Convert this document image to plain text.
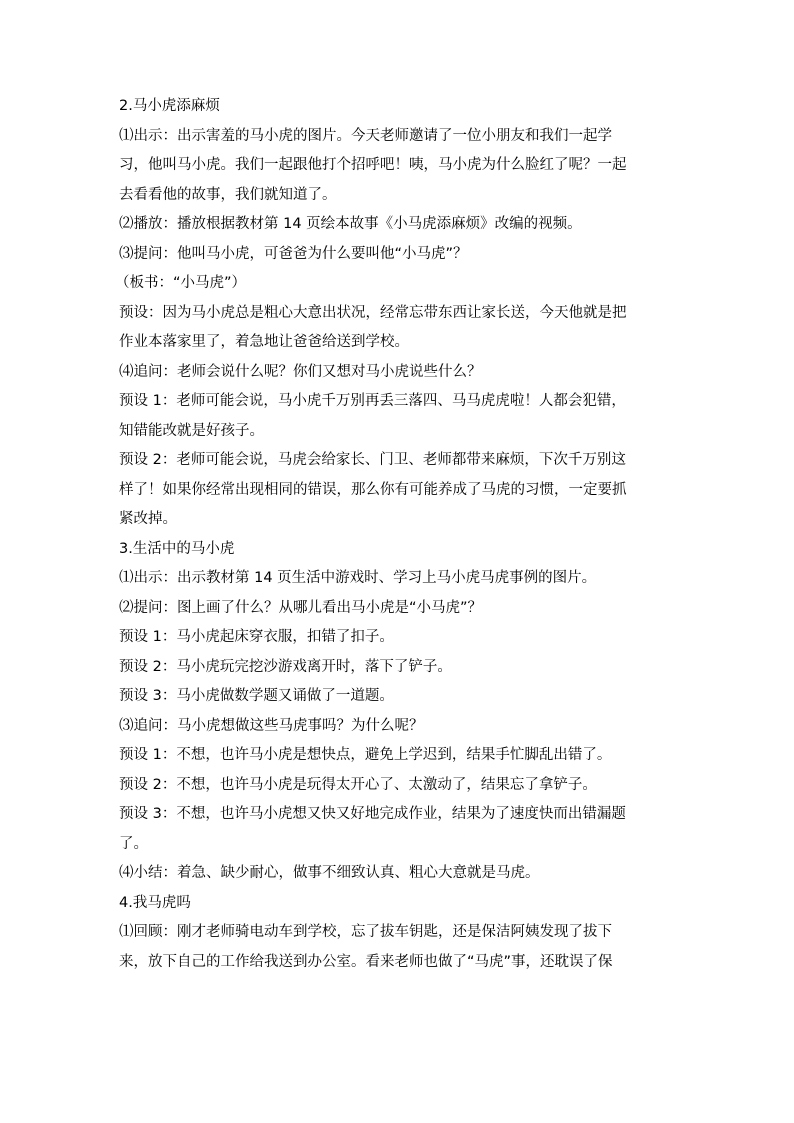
2.马小虎添麻烦
⑴出示：出示害羞的马小虎的图片。今天老师邀请了一位小朋友和我们一起学
习，他叫马小虎。我们一起跟他打个招呼吧！咦，马小虎为什么脸红了呢？一起
去看看他的故事，我们就知道了。
⑵播放：播放根据教材第 14 页绘本故事《小马虎添麻烦》改编的视频。
⑶提问：他叫马小虎，可爸爸为什么要叫他“小马虎”？
（板书：“小马虎”）
预设：因为马小虎总是粗心大意出状况，经常忘带东西让家长送，今天他就是把
作业本落家里了，着急地让爸爸给送到学校。
⑷追问：老师会说什么呢？你们又想对马小虎说些什么？
预设 1：老师可能会说，马小虎千万别再丢三落四、马马虎虎啦！人都会犯错，
知错能改就是好孩子。
预设 2：老师可能会说，马虎会给家长、门卫、老师都带来麻烦，下次千万别这
样了！如果你经常出现相同的错误，那么你有可能养成了马虎的习惯，一定要抓
紧改掉。
3.生活中的马小虎
⑴出示：出示教材第 14 页生活中游戏时、学习上马小虎马虎事例的图片。
⑵提问：图上画了什么？从哪儿看出马小虎是“小马虎”？
预设 1：马小虎起床穿衣服，扣错了扣子。
预设 2：马小虎玩完挖沙游戏离开时，落下了铲子。
预设 3：马小虎做数学题又诵做了一道题。
⑶追问：马小虎想做这些马虎事吗？为什么呢？
预设 1：不想，也许马小虎是想快点，避免上学迟到，结果手忙脚乱出错了。
预设 2：不想，也许马小虎是玩得太开心了、太激动了，结果忘了拿铲子。
预设 3：不想，也许马小虎想又快又好地完成作业，结果为了速度快而出错漏题
了。
⑷小结：着急、缺少耐心，做事不细致认真、粗心大意就是马虎。
4.我马虎吗
⑴回顾：刚才老师骑电动车到学校，忘了拔车钥匙，还是保洁阿姨发现了拔下
来，放下自己的工作给我送到办公室。看来老师也做了“马虎”事，还耽误了保
